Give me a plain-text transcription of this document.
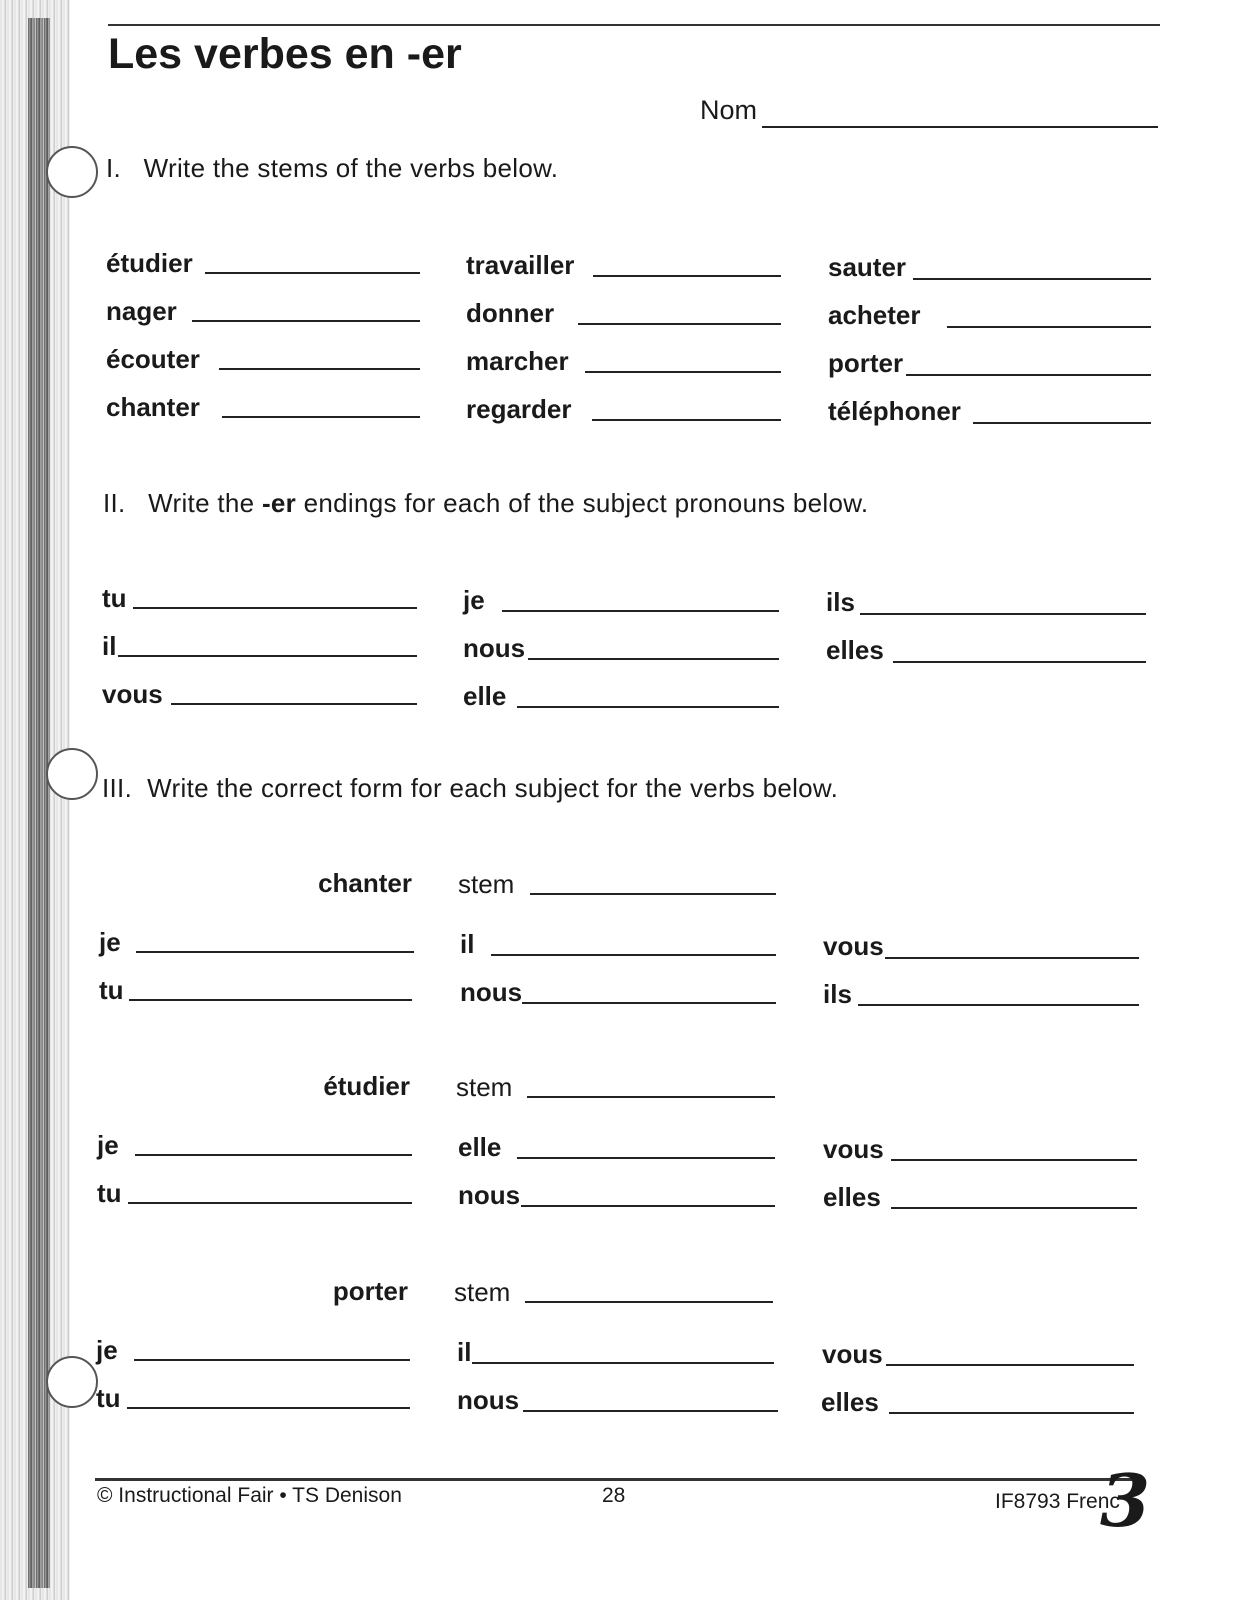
Les verbes en -er
Nom
I. Write the stems of the verbs below.
étudier	travailler	sauter
nager	donner	acheter
écouter	marcher	porter
chanter	regarder	téléphoner
II. Write the -er endings for each of the subject pronouns below.
tu	je	ils
il	nous	elles
vous	elle
III. Write the correct form for each subject for the verbs below.
chanter stem
je	il	vous
tu	nous	ils
étudier stem
je	elle	vous
tu	nous	elles
porter stem
je	il	vous
tu	nous	elles
© Instructional Fair • TS Denison	28	IF8793 Frenc
3
